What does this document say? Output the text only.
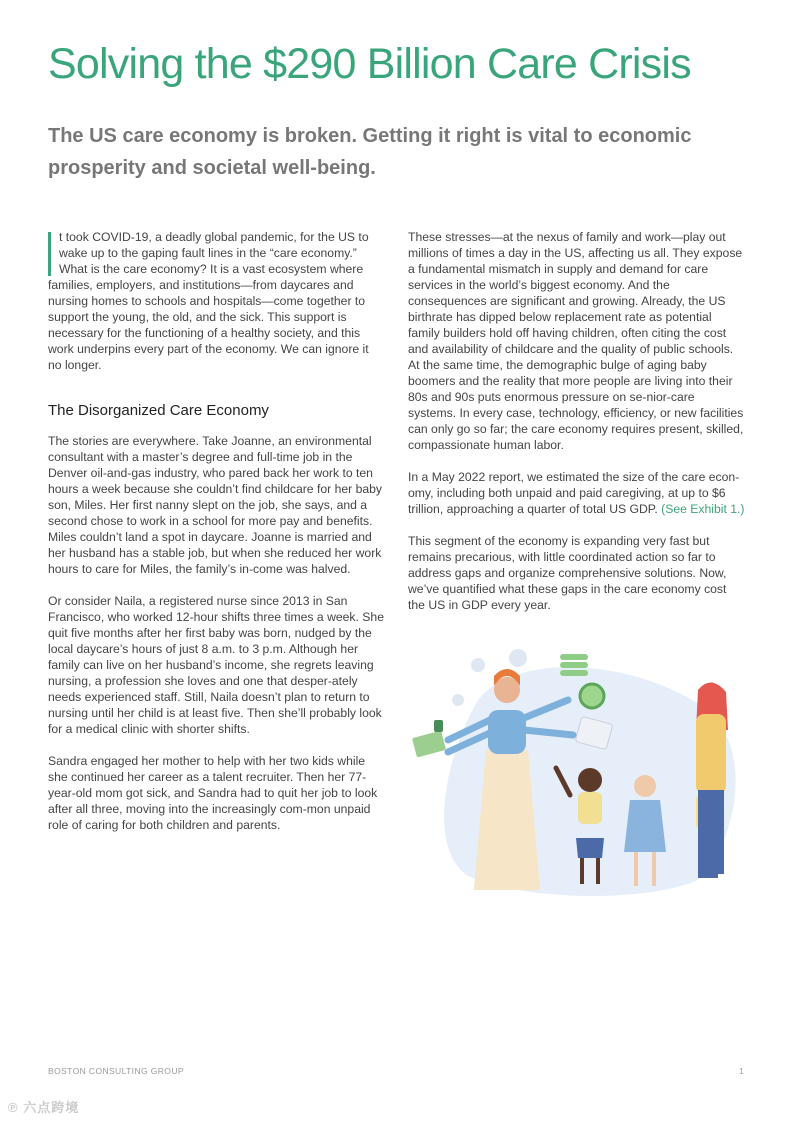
Solving the $290 Billion Care Crisis
The US care economy is broken. Getting it right is vital to economic prosperity and societal well-being.

t took COVID-19, a deadly global pandemic, for the US to wake up to the gaping fault lines in the “care economy.” What is the care economy? It is a vast ecosystem where families, employers, and institutions—from daycares and nursing homes to schools and hospitals—come together to support the young, the old, and the sick. This support is necessary for the functioning of a healthy society, and this work underpins every part of the economy. We can ignore it no longer.

The Disorganized Care Economy

The stories are everywhere. Take Joanne, an environmental consultant with a master’s degree and full-time job in the Denver oil-and-gas industry, who pared back her work to ten hours a week because she couldn’t find childcare for her baby son, Miles. Her first nanny slept on the job, she says, and a second chose to work in a school for more pay and benefits. Miles couldn’t land a spot in daycare. Joanne is married and her husband has a stable job, but when she reduced her work hours to care for Miles, the family’s in-come was halved.

Or consider Naila, a registered nurse since 2013 in San Francisco, who worked 12-hour shifts three times a week. She quit five months after her first baby was born, nudged by the local daycare’s hours of just 8 a.m. to 3 p.m. Although her family can live on her husband’s income, she regrets leaving nursing, a profession she loves and one that desper-ately needs experienced staff. Still, Naila doesn’t plan to return to nursing until her child is at least five. Then she’ll probably look for a medical clinic with shorter shifts.

Sandra engaged her mother to help with her two kids while she continued her career as a talent recruiter. Then her 77-year-old mom got sick, and Sandra had to quit her job to look after all three, moving into the increasingly com-mon unpaid role of caring for both children and parents.

These stresses—at the nexus of family and work—play out millions of times a day in the US, affecting us all. They expose a fundamental mismatch in supply and demand for care services in the world’s biggest economy. And the consequences are significant and growing. Already, the US birthrate has dipped below replacement rate as potential family builders hold off having children, often citing the cost and availability of childcare and the quality of public schools. At the same time, the demographic bulge of aging baby boomers and the reality that more people are living into their 80s and 90s puts enormous pressure on se-nior-care systems. In every case, technology, efficiency, or new facilities can only go so far; the care economy requires present, skilled, compassionate human labor.

In a May 2022 report, we estimated the size of the care econ-omy, including both unpaid and paid caregiving, at up to $6 trillion, approaching a quarter of total US GDP. (See Exhibit 1.)

This segment of the economy is expanding very fast but remains precarious, with little coordinated action so far to address gaps and organize comprehensive solutions. Now, we’ve quantified what these gaps in the care economy cost the US in GDP every year.

BOSTON CONSULTING GROUP	1
℗ 六点跨境
